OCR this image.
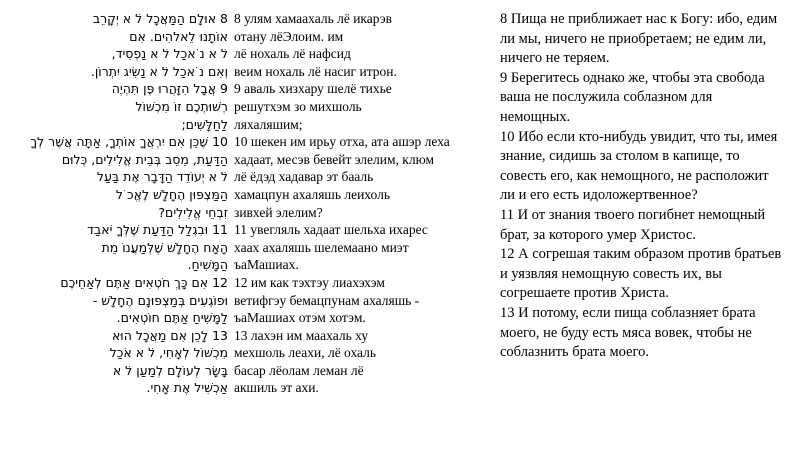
8 ‏אוּלָם הַמַּאֲכָל ל ׁא יְקָרֵב
אוֹתָנוּ לֵאלׂהִים. אִם
ל ׁא נ ׂאכַל ל ׁא נַפְסִיד,
וְאִם נ ׂאכַל ל ׁא נַשִּׂיג יִתְרוֹן.
9 ‏אֲבָל הִזָּהֲרוּ פֶּן תִּהְיֶה
רְשׁוּתְכֶם זוֹ מִכְשׁוֹל
לַחַלָּשִׁים;
10 ‏שֶׁכֵּן אִם יִרְאֲךָ אוֹתְךָ, אַתָּה אֲשֶׁר לְךָ
הַדַּעַת, מֵסֵב בְּבֵית אֱלִילִים, כְּלוּם
ל ׁא יְעוֹדֵד הַדָּבָר אֶת בַּעַל
הַמַּצְפּוּן הֶחָלָשׁ לֶאֱכ ׂל
זִבְחֵי אֱלִילִים?
11 ‏וּבִגְלַל הַדַּעַת שֶׁלְּךָ יׂאבַד
הָאָח הֶחָלָשׁ שֶׁלְּמַעֲנוֹ מֵת
הַמָּשִׁיחַ.
12 ‏אִם כָּךְ חֹטְאִים אַתֶּם לְאַחֵיכֶם
וּפוֹגְעִים בְּמַצְפּוּנָם הֶחָלָשׁ -
לַמָּשִׁיחַ אַתֶּם חוֹטְאִים.
13 ‏לָכֵן אִם מַאֲכָל הוּא
מִכְשׁוֹל לְאָחִי, ל ׁא אׂכַל
בָּשָׂר לְעוֹלָם לְמַעַן ל ׁא
אַכְשִׁיל אֶת אָחִי.
8 улям хамаахаль лё икарэв
отану лёЭлоим. им
лё нохаль лё нафсид
веим нохаль лё насиг итрон.
9 аваль хизхару шелё тихье
решутхэм зо михшоль
ляхаляшим;
10 шекен им ирьу отха, ата ашэр леха
хадаат, месэв бевейт элелим, клюм
лё ёдэд хадавар эт бааль
хамацпун ахаляшь леихоль
зивхей элелим?
11 увегляль хадаат шельха ихарес
хаах ахаляшь шелемаано миэт
ъаМашиах.
12 им как тэхтэу лиахэхэм
ветифгэу бемацпунам ахаляшь -
ъаМашиах отэм хотэм.
13 лахэн им маахаль ху
мехшоль леахи, лё охаль
басар лёолам леман лё
акшиль эт ахи.

8 Пища не приближает нас к Богу: ибо, едим ли мы, ничего не приобретаем; не едим ли, ничего не теряем.

9 Берегитесь однако же, чтобы эта свобода ваша не послужила соблазном для немощных.

10 Ибо если кто-нибудь увидит, что ты, имея знание, сидишь за столом в капище, то совесть его, как немощного, не расположит ли и его есть идоложертвенное?

11 И от знания твоего погибнет немощный брат, за которого умер Христос.

12 А согрешая таким образом против братьев и уязвляя немощную совесть их, вы согрешаете против Христа.

13 И потому, если пища соблазняет брата моего, не буду есть мяса вовек, чтобы не соблазнить брата моего.
